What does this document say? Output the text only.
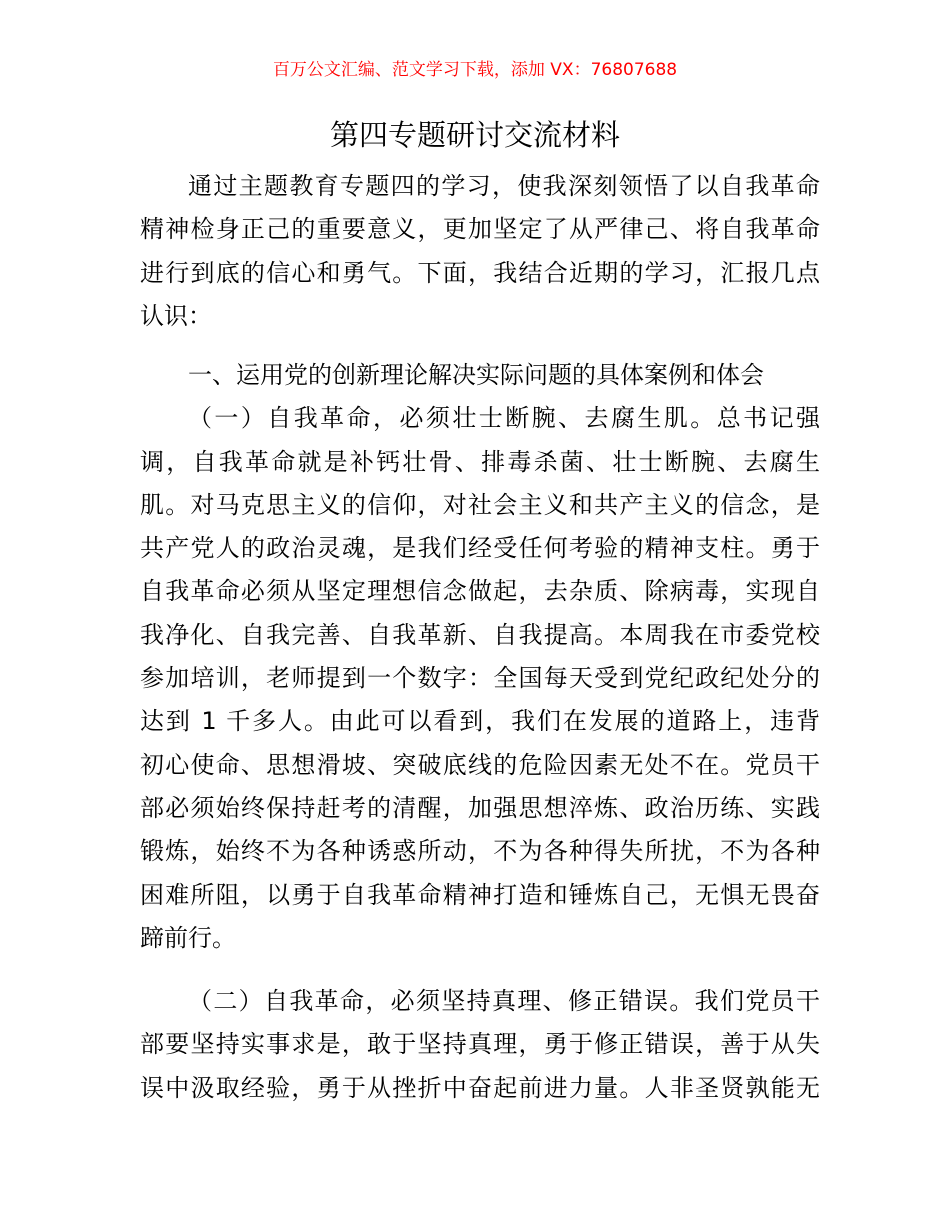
百万公文汇编、范文学习下载，添加 VX：76807688
第四专题研讨交流材料
通过主题教育专题四的学习，使我深刻领悟了以自我革命
精神检身正己的重要意义，更加坚定了从严律己、将自我革命
进行到底的信心和勇气。下面，我结合近期的学习，汇报几点
认识：
一、运用党的创新理论解决实际问题的具体案例和体会
（一）自我革命，必须壮士断腕、去腐生肌。总书记强
调，自我革命就是补钙壮骨、排毒杀菌、壮士断腕、去腐生
肌。对马克思主义的信仰，对社会主义和共产主义的信念，是
共产党人的政治灵魂，是我们经受任何考验的精神支柱。勇于
自我革命必须从坚定理想信念做起，去杂质、除病毒，实现自
我净化、自我完善、自我革新、自我提高。本周我在市委党校
参加培训，老师提到一个数字：全国每天受到党纪政纪处分的
达到 1 千多人。由此可以看到，我们在发展的道路上，违背
初心使命、思想滑坡、突破底线的危险因素无处不在。党员干
部必须始终保持赶考的清醒，加强思想淬炼、政治历练、实践
锻炼，始终不为各种诱惑所动，不为各种得失所扰，不为各种
困难所阻，以勇于自我革命精神打造和锤炼自己，无惧无畏奋
蹄前行。
（二）自我革命，必须坚持真理、修正错误。我们党员干
部要坚持实事求是，敢于坚持真理，勇于修正错误，善于从失
误中汲取经验，勇于从挫折中奋起前进力量。人非圣贤孰能无
